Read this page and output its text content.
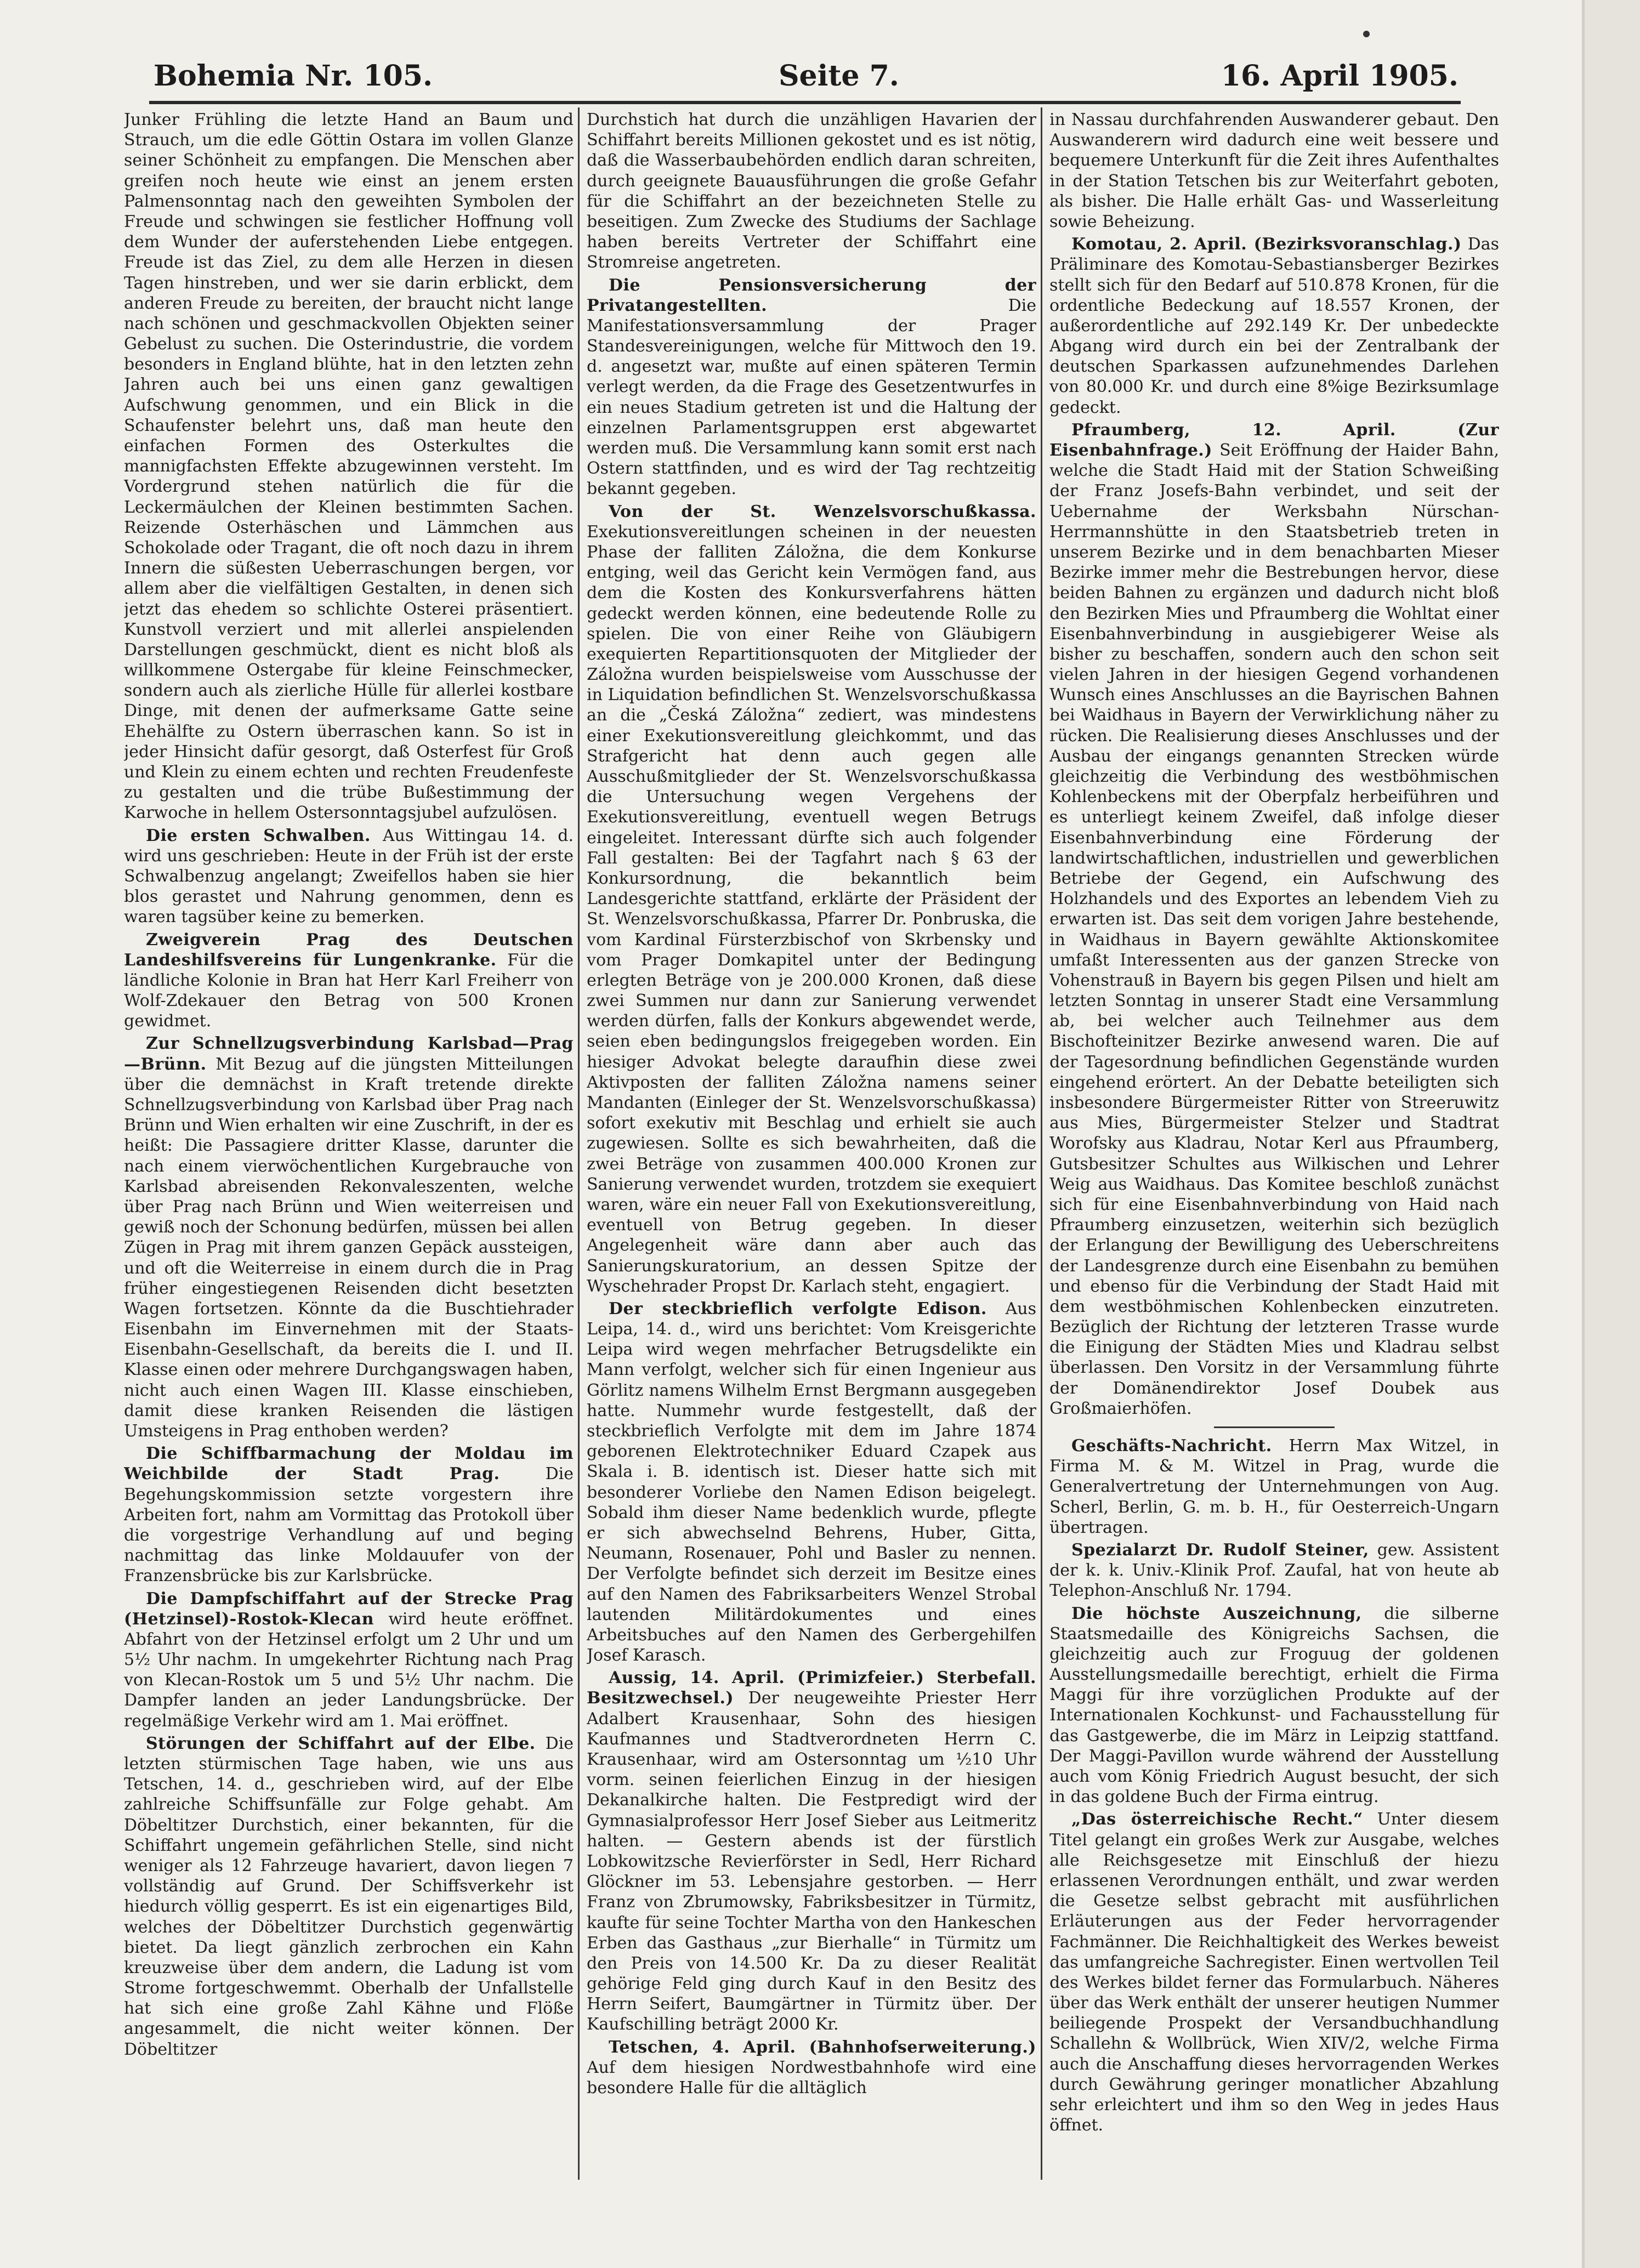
Bohemia Nr. 105.	Seite 7.	16. April 1905.

Junker Frühling die letzte Hand an Baum und Strauch, um die edle Göttin Ostara im vollen Glanze seiner Schönheit zu empfangen. Die Menschen aber greifen noch heute wie einst an jenem ersten Palmensonntag nach den geweihten Symbolen der Freude und schwingen sie festlicher Hoffnung voll dem Wunder der auferstehenden Liebe entgegen. Freude ist das Ziel, zu dem alle Herzen in diesen Tagen hinstreben, und wer sie darin erblickt, dem anderen Freude zu bereiten, der braucht nicht lange nach schönen und geschmackvollen Objekten seiner Gebelust zu suchen. Die Osterindustrie, die vordem besonders in England blühte, hat in den letzten zehn Jahren auch bei uns einen ganz gewaltigen Aufschwung genommen, und ein Blick in die Schaufenster belehrt uns, daß man heute den einfachen Formen des Osterkultes die mannigfachsten Effekte abzugewinnen versteht. Im Vordergrund stehen natürlich die für die Leckermäulchen der Kleinen bestimmten Sachen. Reizende Osterhäschen und Lämmchen aus Schokolade oder Tragant, die oft noch dazu in ihrem Innern die süßesten Ueberraschungen bergen, vor allem aber die vielfältigen Gestalten, in denen sich jetzt das ehedem so schlichte Osterei präsentiert. Kunstvoll verziert und mit allerlei anspielenden Darstellungen geschmückt, dient es nicht bloß als willkommene Ostergabe für kleine Feinschmecker, sondern auch als zierliche Hülle für allerlei kostbare Dinge, mit denen der aufmerksame Gatte seine Ehehälfte zu Ostern überraschen kann. So ist in jeder Hinsicht dafür gesorgt, daß Osterfest für Groß und Klein zu einem echten und rechten Freudenfeste zu gestalten und die trübe Bußestimmung der Karwoche in hellem Ostersonntagsjubel aufzulösen.

Die ersten Schwalben. Aus Wittingau 14. d. wird uns geschrieben: Heute in der Früh ist der erste Schwalbenzug angelangt; Zweifellos haben sie hier blos gerastet und Nahrung genommen, denn es waren tagsüber keine zu bemerken.

Zweigverein Prag des Deutschen Landeshilfsvereins für Lungenkranke. Für die ländliche Kolonie in Bran hat Herr Karl Freiherr von Wolf-Zdekauer den Betrag von 500 Kronen gewidmet.

Zur Schnellzugsverbindung Karlsbad—Prag—Brünn. Mit Bezug auf die jüngsten Mitteilungen über die demnächst in Kraft tretende direkte Schnellzugsverbindung von Karlsbad über Prag nach Brünn und Wien erhalten wir eine Zuschrift, in der es heißt: Die Passagiere dritter Klasse, darunter die nach einem vierwöchentlichen Kurgebrauche von Karlsbad abreisenden Rekonvaleszenten, welche über Prag nach Brünn und Wien weiterreisen und gewiß noch der Schonung bedürfen, müssen bei allen Zügen in Prag mit ihrem ganzen Gepäck aussteigen, und oft die Weiterreise in einem durch die in Prag früher eingestiegenen Reisenden dicht besetzten Wagen fortsetzen. Könnte da die Buschtiehrader Eisenbahn im Einvernehmen mit der Staats-Eisenbahn-Gesellschaft, da bereits die I. und II. Klasse einen oder mehrere Durchgangswagen haben, nicht auch einen Wagen III. Klasse einschieben, damit diese kranken Reisenden die lästigen Umsteigens in Prag enthoben werden?

Die Schiffbarmachung der Moldau im Weichbilde der Stadt Prag.	Die Begehungskommission setzte vorgestern ihre Arbeiten fort, nahm am Vormittag das Protokoll über die vorgestrige Verhandlung auf und beging nachmittag das linke Moldauufer von der Franzensbrücke bis zur Karlsbrücke.

Die Dampfschiffahrt auf der Strecke Prag (Hetzinsel)-Rostok-Klecan wird heute eröffnet. Abfahrt von der Hetzinsel erfolgt um 2 Uhr und um 5½ Uhr nachm. In umgekehrter Richtung nach Prag von Klecan-Rostok um 5 und 5½ Uhr nachm. Die Dampfer landen an jeder Landungsbrücke. Der regelmäßige Verkehr wird am 1. Mai eröffnet.

Störungen der Schiffahrt auf der Elbe. Die letzten stürmischen Tage haben, wie uns aus Tetschen, 14. d., geschrieben wird, auf der Elbe zahlreiche Schiffsunfälle zur Folge gehabt. Am Döbeltitzer Durchstich, einer bekannten, für die Schiffahrt ungemein gefährlichen Stelle, sind nicht weniger als 12 Fahrzeuge havariert, davon liegen 7 vollständig auf Grund. Der Schiffsverkehr ist hiedurch völlig gesperrt. Es ist ein eigenartiges Bild, welches der Döbeltitzer Durchstich gegenwärtig bietet. Da liegt gänzlich zerbrochen ein Kahn kreuzweise über dem andern, die Ladung ist vom Strome fortgeschwemmt. Oberhalb der Unfallstelle hat sich eine große Zahl Kähne und Flöße angesammelt, die nicht weiter können. Der Döbeltitzer

Durchstich hat durch die unzähligen Havarien der Schiffahrt bereits Millionen gekostet und es ist nötig, daß die Wasserbaubehörden endlich daran schreiten, durch geeignete Bauausführungen die große Gefahr für die Schiffahrt an der bezeichneten Stelle zu beseitigen. Zum Zwecke des Studiums der Sachlage haben bereits Vertreter der Schiffahrt eine Stromreise angetreten.

Die Pensionsversicherung der Privatangestellten.	Die Manifestationsversammlung der Prager Standesvereinigungen, welche für Mittwoch den 19. d. angesetzt war, mußte auf einen späteren Termin verlegt werden, da die Frage des Gesetzentwurfes in ein neues Stadium getreten ist und die Haltung der einzelnen Parlamentsgruppen erst abgewartet werden muß. Die Versammlung kann somit erst nach Ostern stattfinden, und es wird der Tag rechtzeitig bekannt gegeben.

Von der St. Wenzelsvorschußkassa. Exekutionsvereitlungen scheinen in der neuesten Phase der falliten Záložna, die dem Konkurse entging, weil das Gericht kein Vermögen fand, aus dem die Kosten des Konkursverfahrens hätten gedeckt werden können, eine bedeutende Rolle zu spielen. Die von einer Reihe von Gläubigern exequierten Repartitionsquoten der Mitglieder der Záložna wurden beispielsweise vom Ausschusse der in Liquidation befindlichen St. Wenzelsvorschußkassa an die „Česká Záložna“ zediert, was mindestens einer Exekutionsvereitlung gleichkommt, und das Strafgericht hat denn auch gegen alle Ausschußmitglieder der St. Wenzelsvorschußkassa die Untersuchung wegen Vergehens der Exekutionsvereitlung, eventuell wegen Betrugs eingeleitet. Interessant dürfte sich auch folgender Fall gestalten: Bei der Tagfahrt nach § 63 der Konkursordnung, die bekanntlich beim Landesgerichte stattfand, erklärte der Präsident der St. Wenzelsvorschußkassa, Pfarrer Dr. Ponbruska, die vom Kardinal Fürsterzbischof von Skrbensky und vom Prager Domkapitel unter der Bedingung erlegten Beträge von je 200.000 Kronen, daß diese zwei Summen nur dann zur Sanierung verwendet werden dürfen, falls der Konkurs abgewendet werde, seien eben bedingungslos freigegeben worden. Ein hiesiger Advokat belegte daraufhin diese zwei Aktivposten der falliten Záložna namens seiner Mandanten (Einleger der St. Wenzelsvorschußkassa) sofort exekutiv mit Beschlag und erhielt sie auch zugewiesen. Sollte es sich bewahrheiten, daß die zwei Beträge von zusammen 400.000 Kronen zur Sanierung verwendet wurden, trotzdem sie exequiert waren, wäre ein neuer Fall von Exekutionsvereitlung, eventuell von Betrug gegeben. In dieser Angelegenheit wäre dann aber auch das Sanierungskuratorium, an dessen Spitze der Wyschehrader Propst Dr. Karlach steht, engagiert.

Der steckbrieflich verfolgte Edison. Aus Leipa, 14. d., wird uns berichtet: Vom Kreisgerichte Leipa wird wegen mehrfacher Betrugsdelikte ein Mann verfolgt, welcher sich für einen Ingenieur aus Görlitz namens Wilhelm Ernst Bergmann ausgegeben hatte. Nummehr wurde festgestellt, daß der steckbrieflich Verfolgte mit dem im Jahre 1874 geborenen Elektrotechniker Eduard Czapek aus Skala i. B. identisch ist. Dieser hatte sich mit besonderer Vorliebe den Namen Edison beigelegt. Sobald ihm dieser Name bedenklich wurde, pflegte er sich abwechselnd Behrens, Huber, Gitta, Neumann, Rosenauer, Pohl und Basler zu nennen. Der Verfolgte befindet sich derzeit im Besitze eines auf den Namen des Fabriksarbeiters Wenzel Strobal lautenden Militärdokumentes und eines Arbeitsbuches auf den Namen des Gerbergehilfen Josef Karasch.

Aussig, 14. April. (Primizfeier.) Sterbefall. Besitzwechsel.) Der neugeweihte Priester Herr Adalbert Krausenhaar, Sohn des hiesigen Kaufmannes und Stadtverordneten Herrn C. Krausenhaar, wird am Ostersonntag um ½10 Uhr vorm. seinen feierlichen Einzug in der hiesigen Dekanalkirche halten. Die Festpredigt wird der Gymnasialprofessor Herr Josef Sieber aus Leitmeritz halten. — Gestern abends ist der fürstlich Lobkowitzsche Revierförster in Sedl, Herr Richard Glöckner im 53. Lebensjahre gestorben. — Herr Franz von Zbrumowsky, Fabriksbesitzer in Türmitz, kaufte für seine Tochter Martha von den Hankeschen Erben das Gasthaus „zur Bierhalle“ in Türmitz um den Preis von 14.500 Kr. Da zu dieser Realität gehörige Feld ging durch Kauf in den Besitz des Herrn Seifert, Baumgärtner in Türmitz über. Der Kaufschilling beträgt 2000 Kr.

Tetschen, 4. April. (Bahnhofserweiterung.) Auf dem hiesigen Nordwestbahnhofe wird eine besondere Halle für die alltäglich

in Nassau durchfahrenden Auswanderer gebaut. Den Auswanderern wird dadurch eine weit bessere und bequemere Unterkunft für die Zeit ihres Aufenthaltes in der Station Tetschen bis zur Weiterfahrt geboten, als bisher. Die Halle erhält Gas- und Wasserleitung sowie Beheizung.

Komotau, 2. April. (Bezirksvoranschlag.) Das Präliminare des Komotau-Sebastiansberger Bezirkes stellt sich für den Bedarf auf 510.878 Kronen, für die ordentliche Bedeckung auf 18.557 Kronen, der außerordentliche auf 292.149 Kr. Der unbedeckte Abgang wird durch ein bei der Zentralbank der deutschen Sparkassen aufzunehmendes Darlehen von 80.000 Kr. und durch eine 8%ige Bezirksumlage gedeckt.

Pfraumberg, 12. April. (Zur Eisenbahnfrage.) Seit Eröffnung der Haider Bahn, welche die Stadt Haid mit der Station Schweißing der Franz Josefs-Bahn verbindet, und seit der Uebernahme der Werksbahn Nürschan-Herrmannshütte in den Staatsbetrieb treten in unserem Bezirke und in dem benachbarten Mieser Bezirke immer mehr die Bestrebungen hervor, diese beiden Bahnen zu ergänzen und dadurch nicht bloß den Bezirken Mies und Pfraumberg die Wohltat einer Eisenbahnverbindung in ausgiebigerer Weise als bisher zu beschaffen, sondern auch den schon seit vielen Jahren in der hiesigen Gegend vorhandenen Wunsch eines Anschlusses an die Bayrischen Bahnen bei Waidhaus in Bayern der Verwirklichung näher zu rücken. Die Realisierung dieses Anschlusses und der Ausbau der eingangs genannten Strecken würde gleichzeitig die Verbindung des westböhmischen Kohlenbeckens mit der Oberpfalz herbeiführen und es unterliegt keinem Zweifel, daß infolge dieser Eisenbahnverbindung eine Förderung der landwirtschaftlichen, industriellen und gewerblichen Betriebe der Gegend, ein Aufschwung des Holzhandels und des Exportes an lebendem Vieh zu erwarten ist. Das seit dem vorigen Jahre bestehende, in Waidhaus in Bayern gewählte Aktionskomitee umfaßt Interessenten aus der ganzen Strecke von Vohenstrauß in Bayern bis gegen Pilsen und hielt am letzten Sonntag in unserer Stadt eine Versammlung ab, bei welcher auch Teilnehmer aus dem Bischofteinitzer Bezirke anwesend waren. Die auf der Tagesordnung befindlichen Gegenstände wurden eingehend erörtert. An der Debatte beteiligten sich insbesondere Bürgermeister Ritter von Streeruwitz aus Mies, Bürgermeister Stelzer und Stadtrat Worofsky aus Kladrau, Notar Kerl aus Pfraumberg, Gutsbesitzer Schultes aus Wilkischen und Lehrer Weig aus Waidhaus. Das Komitee beschloß zunächst sich für eine Eisenbahnverbindung von Haid nach Pfraumberg einzusetzen, weiterhin sich bezüglich der Erlangung der Bewilligung des Ueberschreitens der Landesgrenze durch eine Eisenbahn zu bemühen und ebenso für die Verbindung der Stadt Haid mit dem westböhmischen Kohlenbecken einzutreten. Bezüglich der Richtung der letzteren Trasse wurde die Einigung der Städten Mies und Kladrau selbst überlassen. Den Vorsitz in der Versammlung führte der Domänendirektor Josef Doubek aus Großmaierhöfen.

Geschäfts-Nachricht. Herrn Max Witzel, in Firma M. & M. Witzel in Prag, wurde die Generalvertretung der Unternehmungen von Aug. Scherl, Berlin, G. m. b. H., für Oesterreich-Ungarn übertragen.

Spezialarzt Dr. Rudolf Steiner, gew. Assistent der k. k. Univ.-Klinik Prof. Zaufal, hat von heute ab Telephon-Anschluß Nr. 1794.

Die höchste Auszeichnung, die silberne Staatsmedaille des Königreichs Sachsen, die gleichzeitig auch zur Froguug der goldenen Ausstellungsmedaille berechtigt, erhielt die Firma Maggi für ihre vorzüglichen Produkte auf der Internationalen Kochkunst- und Fachausstellung für das Gastgewerbe, die im März in Leipzig stattfand. Der Maggi-Pavillon wurde während der Ausstellung auch vom König Friedrich August besucht, der sich in das goldene Buch der Firma eintrug.

„Das österreichische Recht.“ Unter diesem Titel gelangt ein großes Werk zur Ausgabe, welches alle Reichsgesetze mit Einschluß der hiezu erlassenen Verordnungen enthält, und zwar werden die Gesetze selbst gebracht mit ausführlichen Erläuterungen aus der Feder hervorragender Fachmänner. Die Reichhaltigkeit des Werkes beweist das umfangreiche Sachregister. Einen wertvollen Teil des Werkes bildet ferner das Formularbuch. Näheres über das Werk enthält der unserer heutigen Nummer beiliegende Prospekt der Versandbuchhandlung Schallehn & Wollbrück, Wien XIV/2, welche Firma auch die Anschaffung dieses hervorragenden Werkes durch Gewährung geringer monatlicher Abzahlung sehr erleichtert und ihm so den Weg in jedes Haus öffnet.
